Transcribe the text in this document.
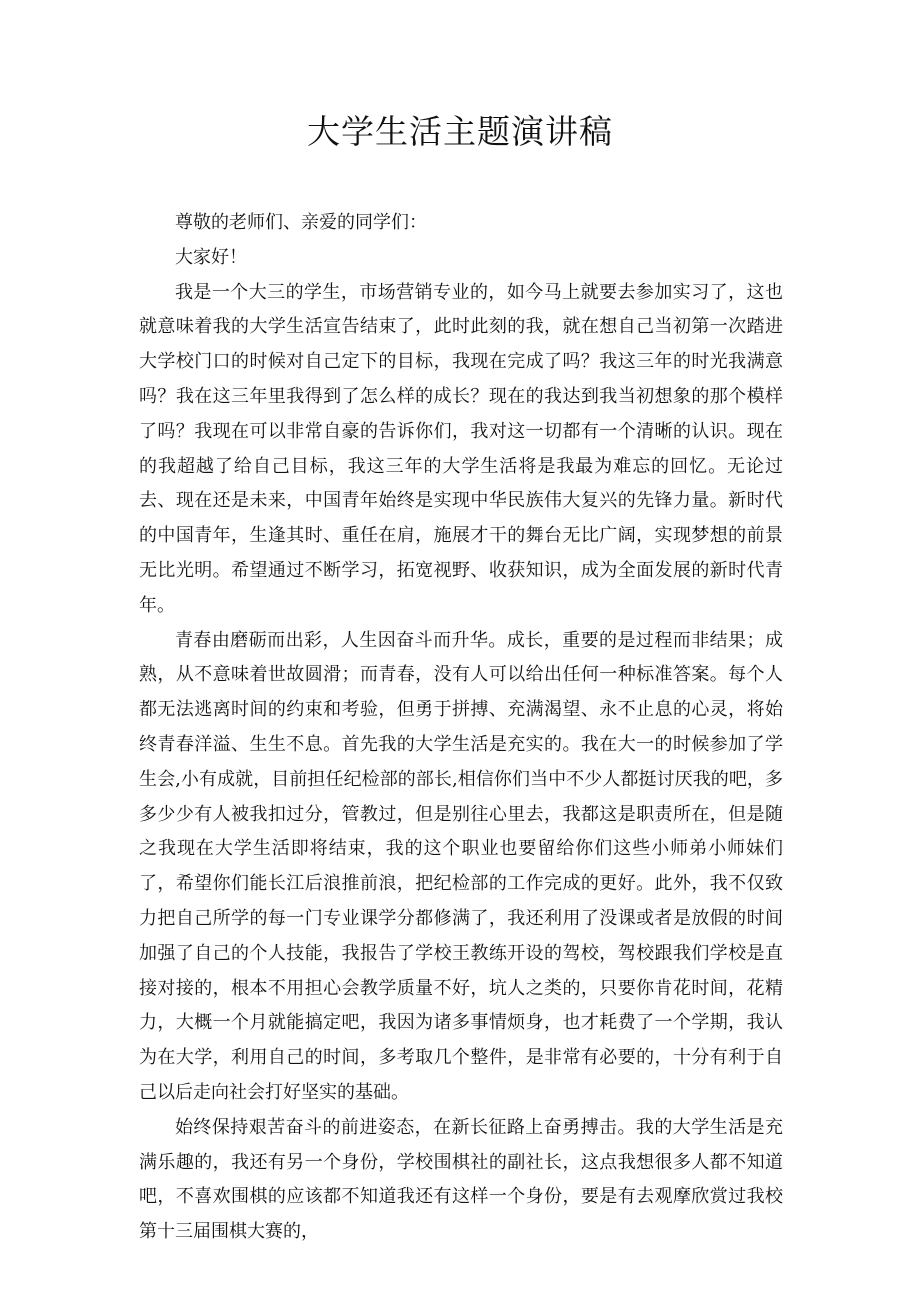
大学生活主题演讲稿

尊敬的老师们、亲爱的同学们：

大家好！

我是一个大三的学生，市场营销专业的，如今马上就要去参加实习了，这也就意味着我的大学生活宣告结束了，此时此刻的我，就在想自己当初第一次踏进大学校门口的时候对自己定下的目标，我现在完成了吗？我这三年的时光我满意吗？我在这三年里我得到了怎么样的成长？现在的我达到我当初想象的那个模样了吗？我现在可以非常自豪的告诉你们，我对这一切都有一个清晰的认识。现在的我超越了给自己目标，我这三年的大学生活将是我最为难忘的回忆。无论过去、现在还是未来，中国青年始终是实现中华民族伟大复兴的先锋力量。新时代的中国青年，生逢其时、重任在肩，施展才干的舞台无比广阔，实现梦想的前景无比光明。希望通过不断学习，拓宽视野、收获知识，成为全面发展的新时代青年。

青春由磨砺而出彩，人生因奋斗而升华。成长，重要的是过程而非结果；成熟，从不意味着世故圆滑；而青春，没有人可以给出任何一种标准答案。每个人都无法逃离时间的约束和考验，但勇于拼搏、充满渴望、永不止息的心灵，将始终青春洋溢、生生不息。首先我的大学生活是充实的。我在大一的时候参加了学生会,小有成就，目前担任纪检部的部长,相信你们当中不少人都挺讨厌我的吧，多多少少有人被我扣过分，管教过，但是别往心里去，我都这是职责所在，但是随之我现在大学生活即将结束，我的这个职业也要留给你们这些小师弟小师妹们了，希望你们能长江后浪推前浪，把纪检部的工作完成的更好。此外，我不仅致力把自己所学的每一门专业课学分都修满了，我还利用了没课或者是放假的时间加强了自己的个人技能，我报告了学校王教练开设的驾校，驾校跟我们学校是直接对接的，根本不用担心会教学质量不好，坑人之类的，只要你肯花时间，花精力，大概一个月就能搞定吧，我因为诸多事情烦身，也才耗费了一个学期，我认为在大学，利用自己的时间，多考取几个整件，是非常有必要的，十分有利于自己以后走向社会打好坚实的基础。

始终保持艰苦奋斗的前进姿态，在新长征路上奋勇搏击。我的大学生活是充满乐趣的，我还有另一个身份，学校围棋社的副社长，这点我想很多人都不知道吧，不喜欢围棋的应该都不知道我还有这样一个身份，要是有去观摩欣赏过我校第十三届围棋大赛的，
